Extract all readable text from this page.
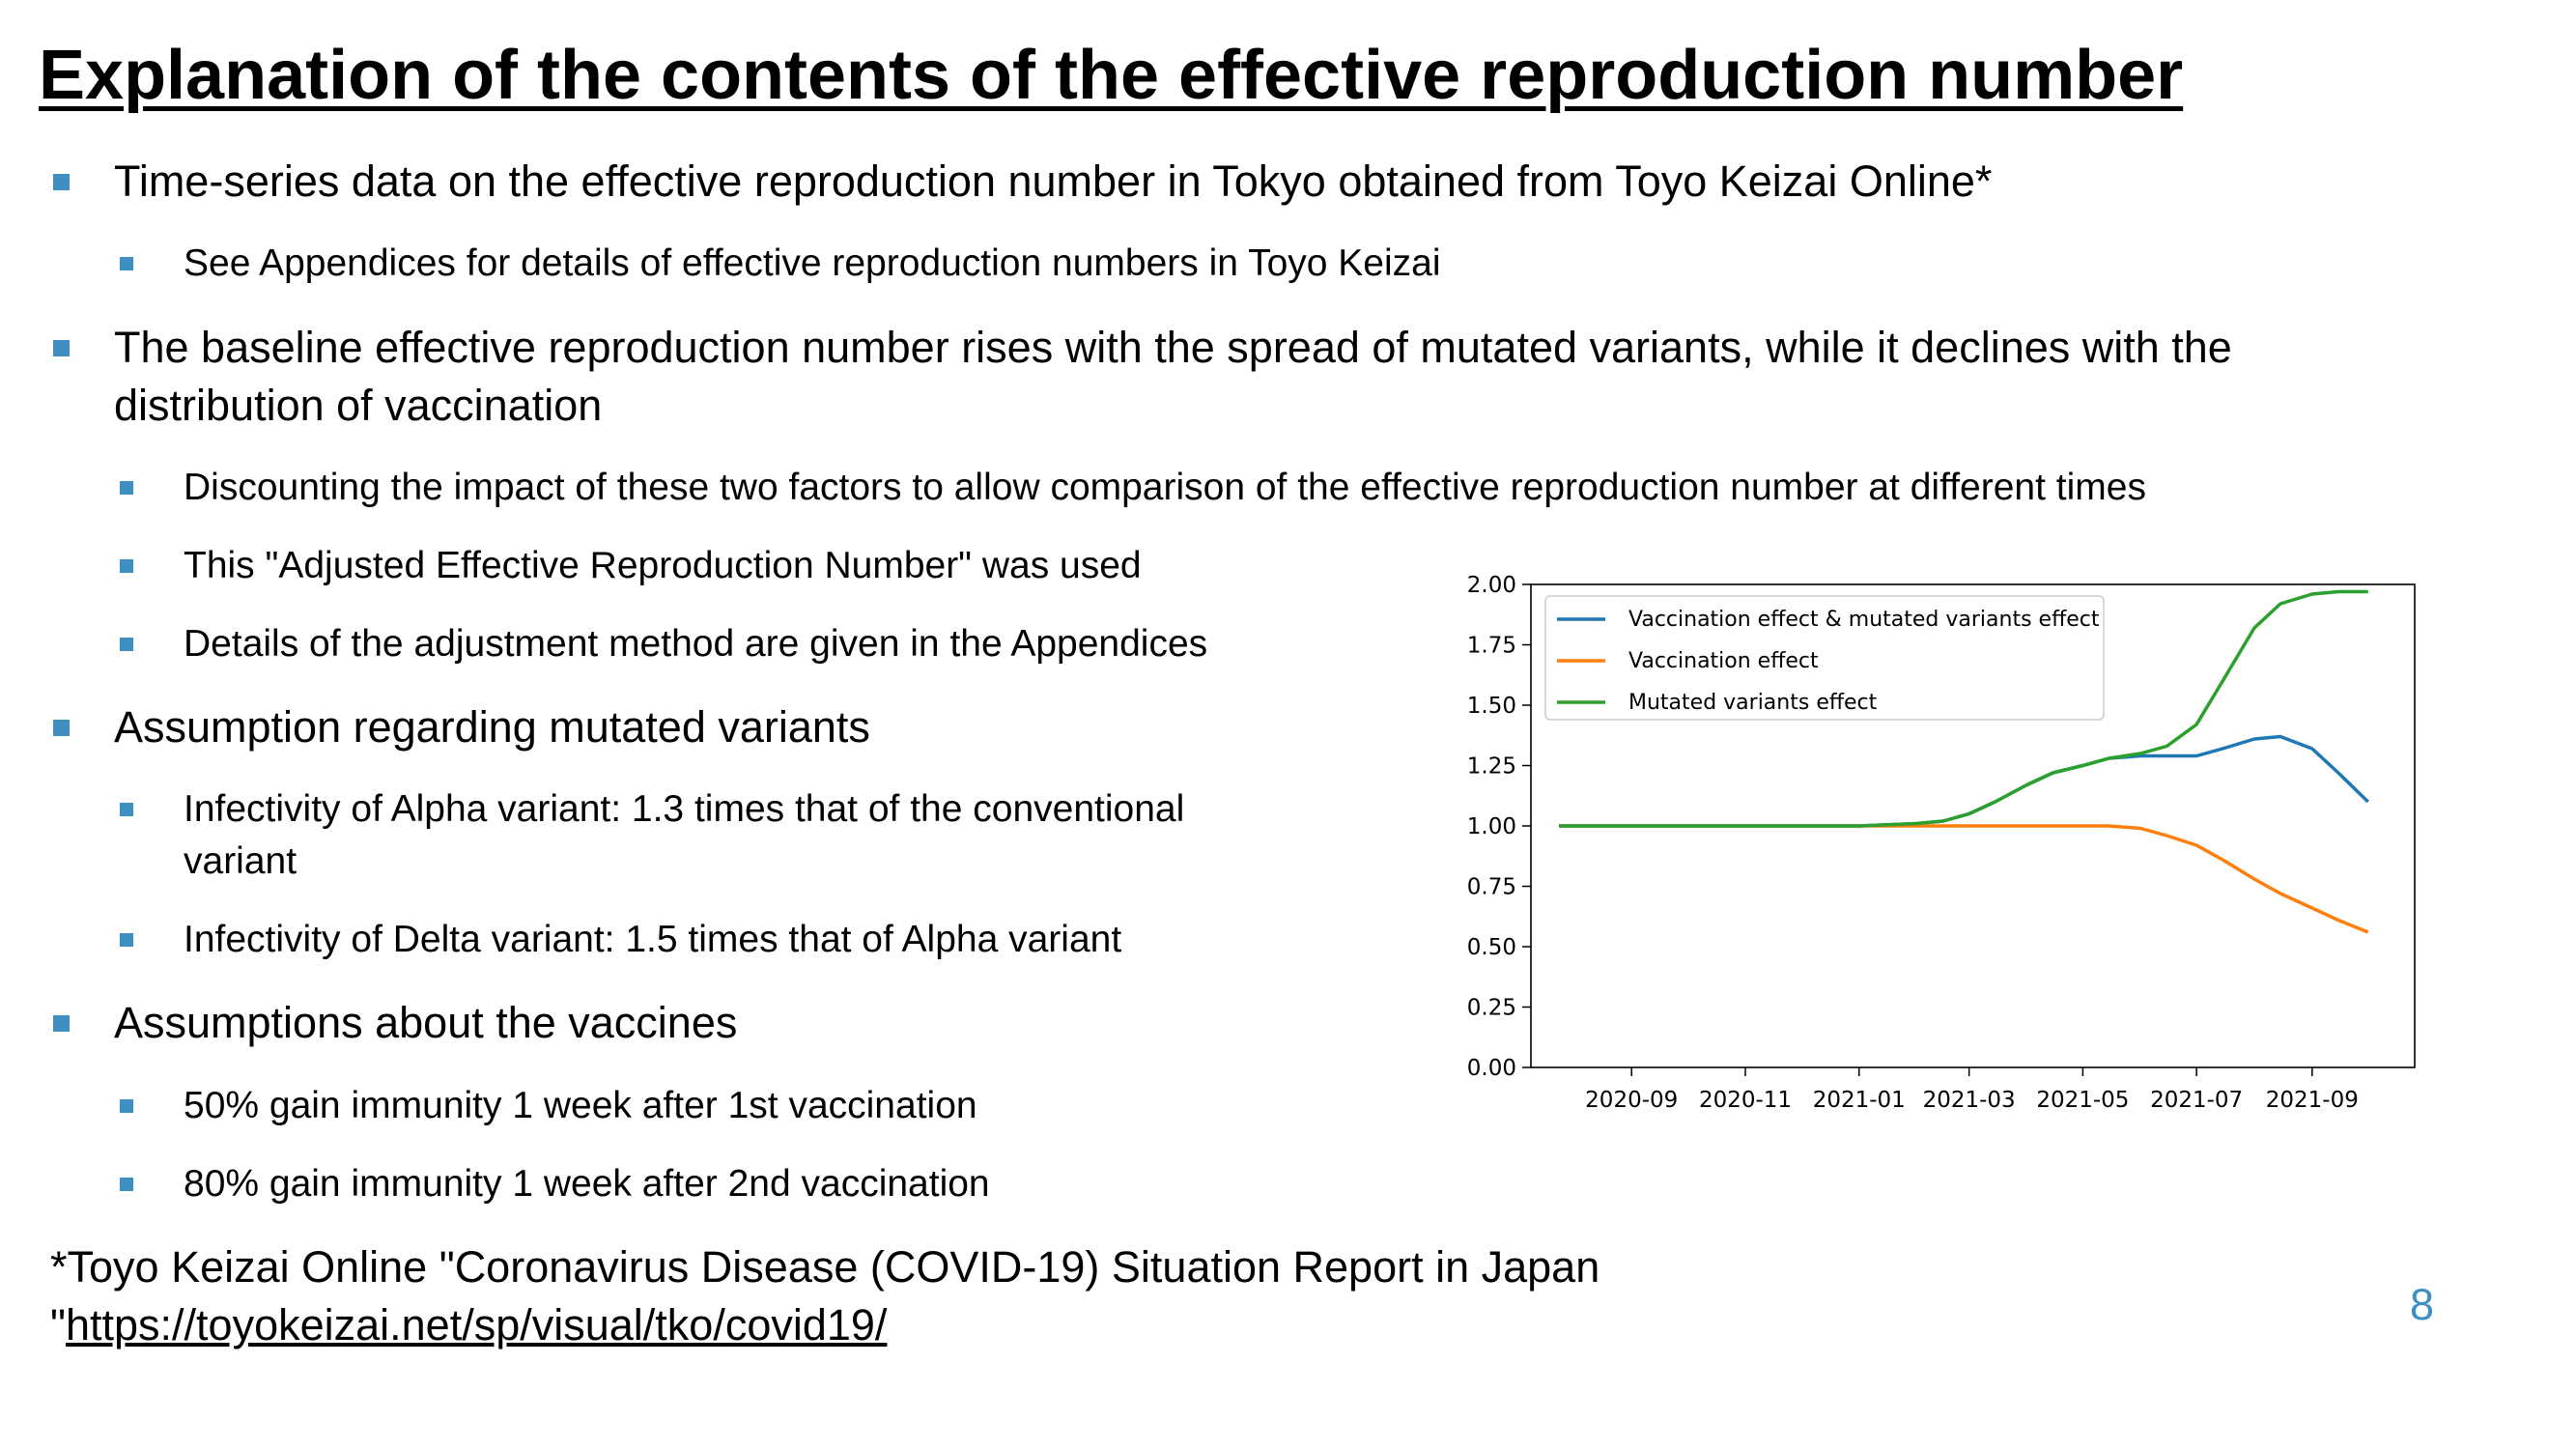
Explanation of the contents of the effective reproduction number
Time-series data on the effective reproduction number in Tokyo obtained from Toyo Keizai Online*
See Appendices for details of effective reproduction numbers in Toyo Keizai
The baseline effective reproduction number rises with the spread of mutated variants, while it declines with the
distribution of vaccination
Discounting the impact of these two factors to allow comparison of the effective reproduction number at different times
This "Adjusted Effective Reproduction Number" was used
Details of the adjustment method are given in the Appendices
Assumption regarding mutated variants
Infectivity of Alpha variant: 1.3 times that of the conventional
variant
Infectivity of Delta variant: 1.5 times that of Alpha variant
Assumptions about the vaccines
50% gain immunity 1 week after 1st vaccination
80% gain immunity 1 week after 2nd vaccination
*Toyo Keizai Online "Coronavirus Disease (COVID-19) Situation Report in Japan
"https://toyokeizai.net/sp/visual/tko/covid19/	8
0.00
0.25
0.50
0.75
1.00
1.25
1.50
1.75
2.00
2020-09 2020-11 2021-01 2021-03 2021-05 2021-07 2021-09
Vaccination effect & mutated variants effect
Vaccination effect
Mutated variants effect
